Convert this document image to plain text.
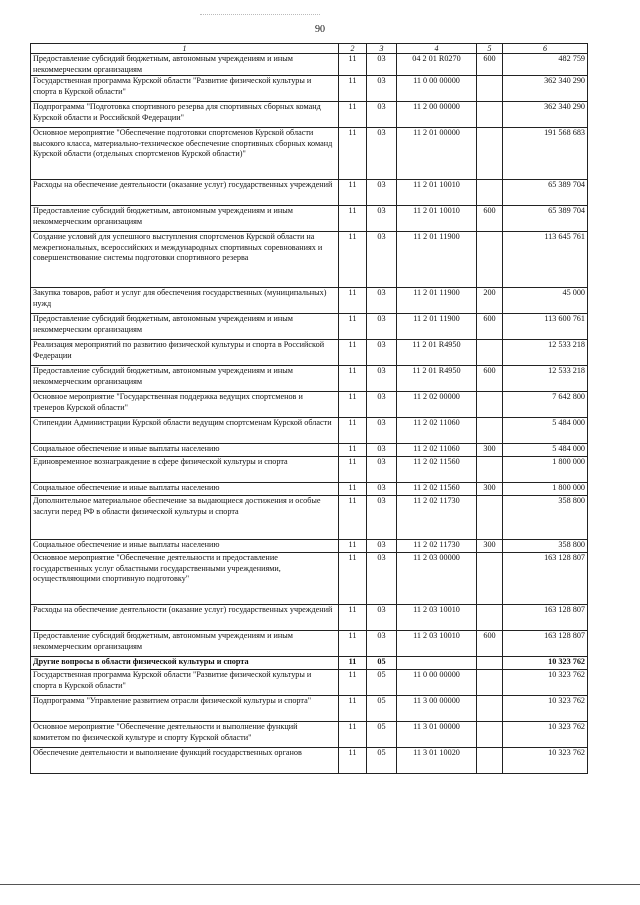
90
1	2	3	4	5	6
Предоставление субсидий бюджетным, автономным учреждениям и иным некоммерческим организациям	11	03	04 2 01 R0270	600	482 759
Государственная программа Курской области "Развитие физической культуры и спорта в Курской области"	11	03	11 0 00 00000		362 340 290
Подпрограмма "Подготовка спортивного резерва для спортивных сборных команд Курской области и Российской Федерации"	11	03	11 2 00 00000		362 340 290
Основное мероприятие "Обеспечение подготовки спортсменов Курской области высокого класса, материально-техническое обеспечение спортивных сборных команд Курской области (отдельных спортсменов Курской области)"	11	03	11 2 01 00000		191 568 683
Расходы на обеспечение деятельности (оказание услуг) государственных учреждений	11	03	11 2 01 10010		65 389 704
Предоставление субсидий бюджетным, автономным учреждениям и иным некоммерческим организациям	11	03	11 2 01 10010	600	65 389 704
Создание условий для успешного выступления спортсменов Курской области на межрегиональных, всероссийских и международных спортивных соревнованиях и совершенствование системы подготовки спортивного резерва	11	03	11 2 01 11900		113 645 761
Закупка товаров, работ и услуг для обеспечения государственных (муниципальных) нужд	11	03	11 2 01 11900	200	45 000
Предоставление субсидий бюджетным, автономным учреждениям и иным некоммерческим организациям	11	03	11 2 01 11900	600	113 600 761
Реализация мероприятий по развитию физической культуры и спорта в Российской Федерации	11	03	11 2 01 R4950		12 533 218
Предоставление субсидий бюджетным, автономным учреждениям и иным некоммерческим организациям	11	03	11 2 01 R4950	600	12 533 218
Основное мероприятие "Государственная поддержка ведущих спортсменов и тренеров Курской области"	11	03	11 2 02 00000		7 642 800
Стипендии Администрации Курской области ведущим спортсменам Курской области	11	03	11 2 02 11060		5 484 000
Социальное обеспечение и иные выплаты населению	11	03	11 2 02 11060	300	5 484 000
Единовременное вознаграждение в сфере физической культуры и спорта	11	03	11 2 02 11560		1 800 000
Социальное обеспечение и иные выплаты населению	11	03	11 2 02 11560	300	1 800 000
Дополнительное материальное обеспечение за выдающиеся достижения и особые заслуги перед РФ в области физической культуры и спорта	11	03	11 2 02 11730		358 800
Социальное обеспечение и иные выплаты населению	11	03	11 2 02 11730	300	358 800
Основное мероприятие "Обеспечение деятельности и предоставление государственных услуг областными государственными учреждениями, осуществляющими спортивную подготовку"	11	03	11 2 03 00000		163 128 807
Расходы на обеспечение деятельности (оказание услуг) государственных учреждений	11	03	11 2 03 10010		163 128 807
Предоставление субсидий бюджетным, автономным учреждениям и иным некоммерческим организациям	11	03	11 2 03 10010	600	163 128 807
Другие вопросы в области физической культуры и спорта	11	05			10 323 762
Государственная программа Курской области "Развитие физической культуры и спорта в Курской области"	11	05	11 0 00 00000		10 323 762
Подпрограмма "Управление развитием отрасли физической культуры и спорта"	11	05	11 3 00 00000		10 323 762
Основное мероприятие "Обеспечение деятельности и выполнение функций комитетом по физической культуре и спорту Курской области"	11	05	11 3 01 00000		10 323 762
Обеспечение деятельности и выполнение функций государственных органов	11	05	11 3 01 10020		10 323 762
